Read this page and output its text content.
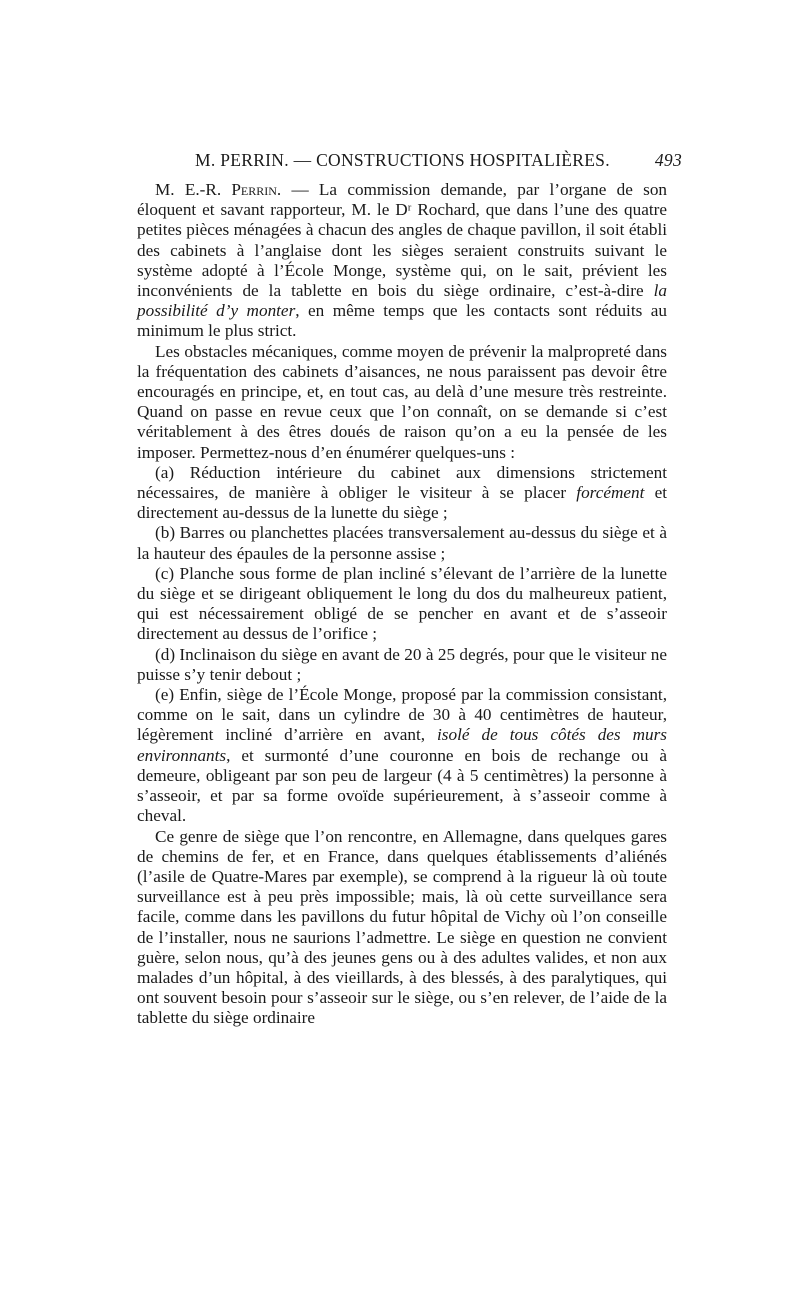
M. PERRIN. — CONSTRUCTIONS HOSPITALIÈRES.	493

M. E.-R. Perrin. — La commission demande, par l’organe de son éloquent et savant rapporteur, M. le Dʳ Rochard, que dans l’une des quatre petites pièces ménagées à chacun des angles de chaque pavillon, il soit établi des cabinets à l’anglaise dont les sièges seraient construits suivant le système adopté à l’École Monge, système qui, on le sait, prévient les inconvénients de la tablette en bois du siège ordinaire, c’est-à-dire la possibilité d’y monter, en même temps que les contacts sont réduits au minimum le plus strict.

Les obstacles mécaniques, comme moyen de prévenir la malpropreté dans la fréquentation des cabinets d’aisances, ne nous paraissent pas devoir être encouragés en principe, et, en tout cas, au delà d’une mesure très restreinte. Quand on passe en revue ceux que l’on connaît, on se demande si c’est véritablement à des êtres doués de raison qu’on a eu la pensée de les imposer. Permettez-nous d’en énumérer quelques-uns :

(a) Réduction intérieure du cabinet aux dimensions strictement nécessaires, de manière à obliger le visiteur à se placer forcément et directement au-dessus de la lunette du siège ;

(b) Barres ou planchettes placées transversalement au-dessus du siège et à la hauteur des épaules de la personne assise ;

(c) Planche sous forme de plan incliné s’élevant de l’arrière de la lunette du siège et se dirigeant obliquement le long du dos du malheureux patient, qui est nécessairement obligé de se pencher en avant et de s’asseoir directement au dessus de l’orifice ;

(d) Inclinaison du siège en avant de 20 à 25 degrés, pour que le visiteur ne puisse s’y tenir debout ;

(e) Enfin, siège de l’École Monge, proposé par la commission consistant, comme on le sait, dans un cylindre de 30 à 40 centimètres de hauteur, légèrement incliné d’arrière en avant, isolé de tous côtés des murs environnants, et surmonté d’une couronne en bois de rechange ou à demeure, obligeant par son peu de largeur (4 à 5 centimètres) la personne à s’asseoir, et par sa forme ovoïde supérieurement, à s’asseoir comme à cheval.

Ce genre de siège que l’on rencontre, en Allemagne, dans quelques gares de chemins de fer, et en France, dans quelques établissements d’aliénés (l’asile de Quatre-Mares par exemple), se comprend à la rigueur là où toute surveillance est à peu près impossible; mais, là où cette surveillance sera facile, comme dans les pavillons du futur hôpital de Vichy où l’on conseille de l’installer, nous ne saurions l’admettre. Le siège en question ne convient guère, selon nous, qu’à des jeunes gens ou à des adultes valides, et non aux malades d’un hôpital, à des vieillards, à des blessés, à des paralytiques, qui ont souvent besoin pour s’asseoir sur le siège, ou s’en relever, de l’aide de la tablette du siège ordinaire
